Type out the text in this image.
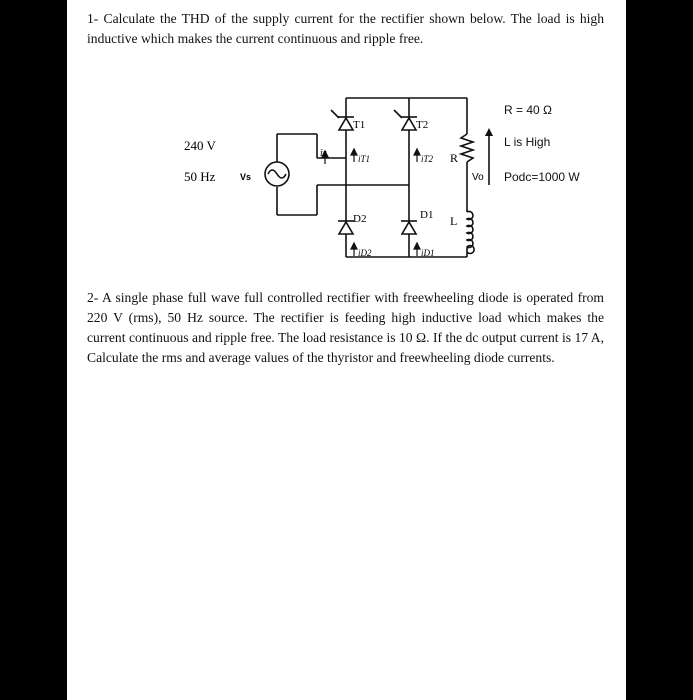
1- Calculate the THD of the supply current for the rectifier shown below. The load is high inductive which makes the current continuous and ripple free.
T1	T2
D2	D1
iT1	iT2
iD2	iD1
is	R
L
Vo
Vs
240 V
50 Hz
R = 40 Ω
L is High
Podc=1000 W
2- A single phase full wave full controlled rectifier with freewheeling diode is operated from 220 V (rms), 50 Hz source. The rectifier is feeding high inductive load which makes the current continuous and ripple free. The load resistance is 10 Ω. If the dc output current is 17 A, Calculate the rms and average values of the thyristor and freewheeling diode currents.
